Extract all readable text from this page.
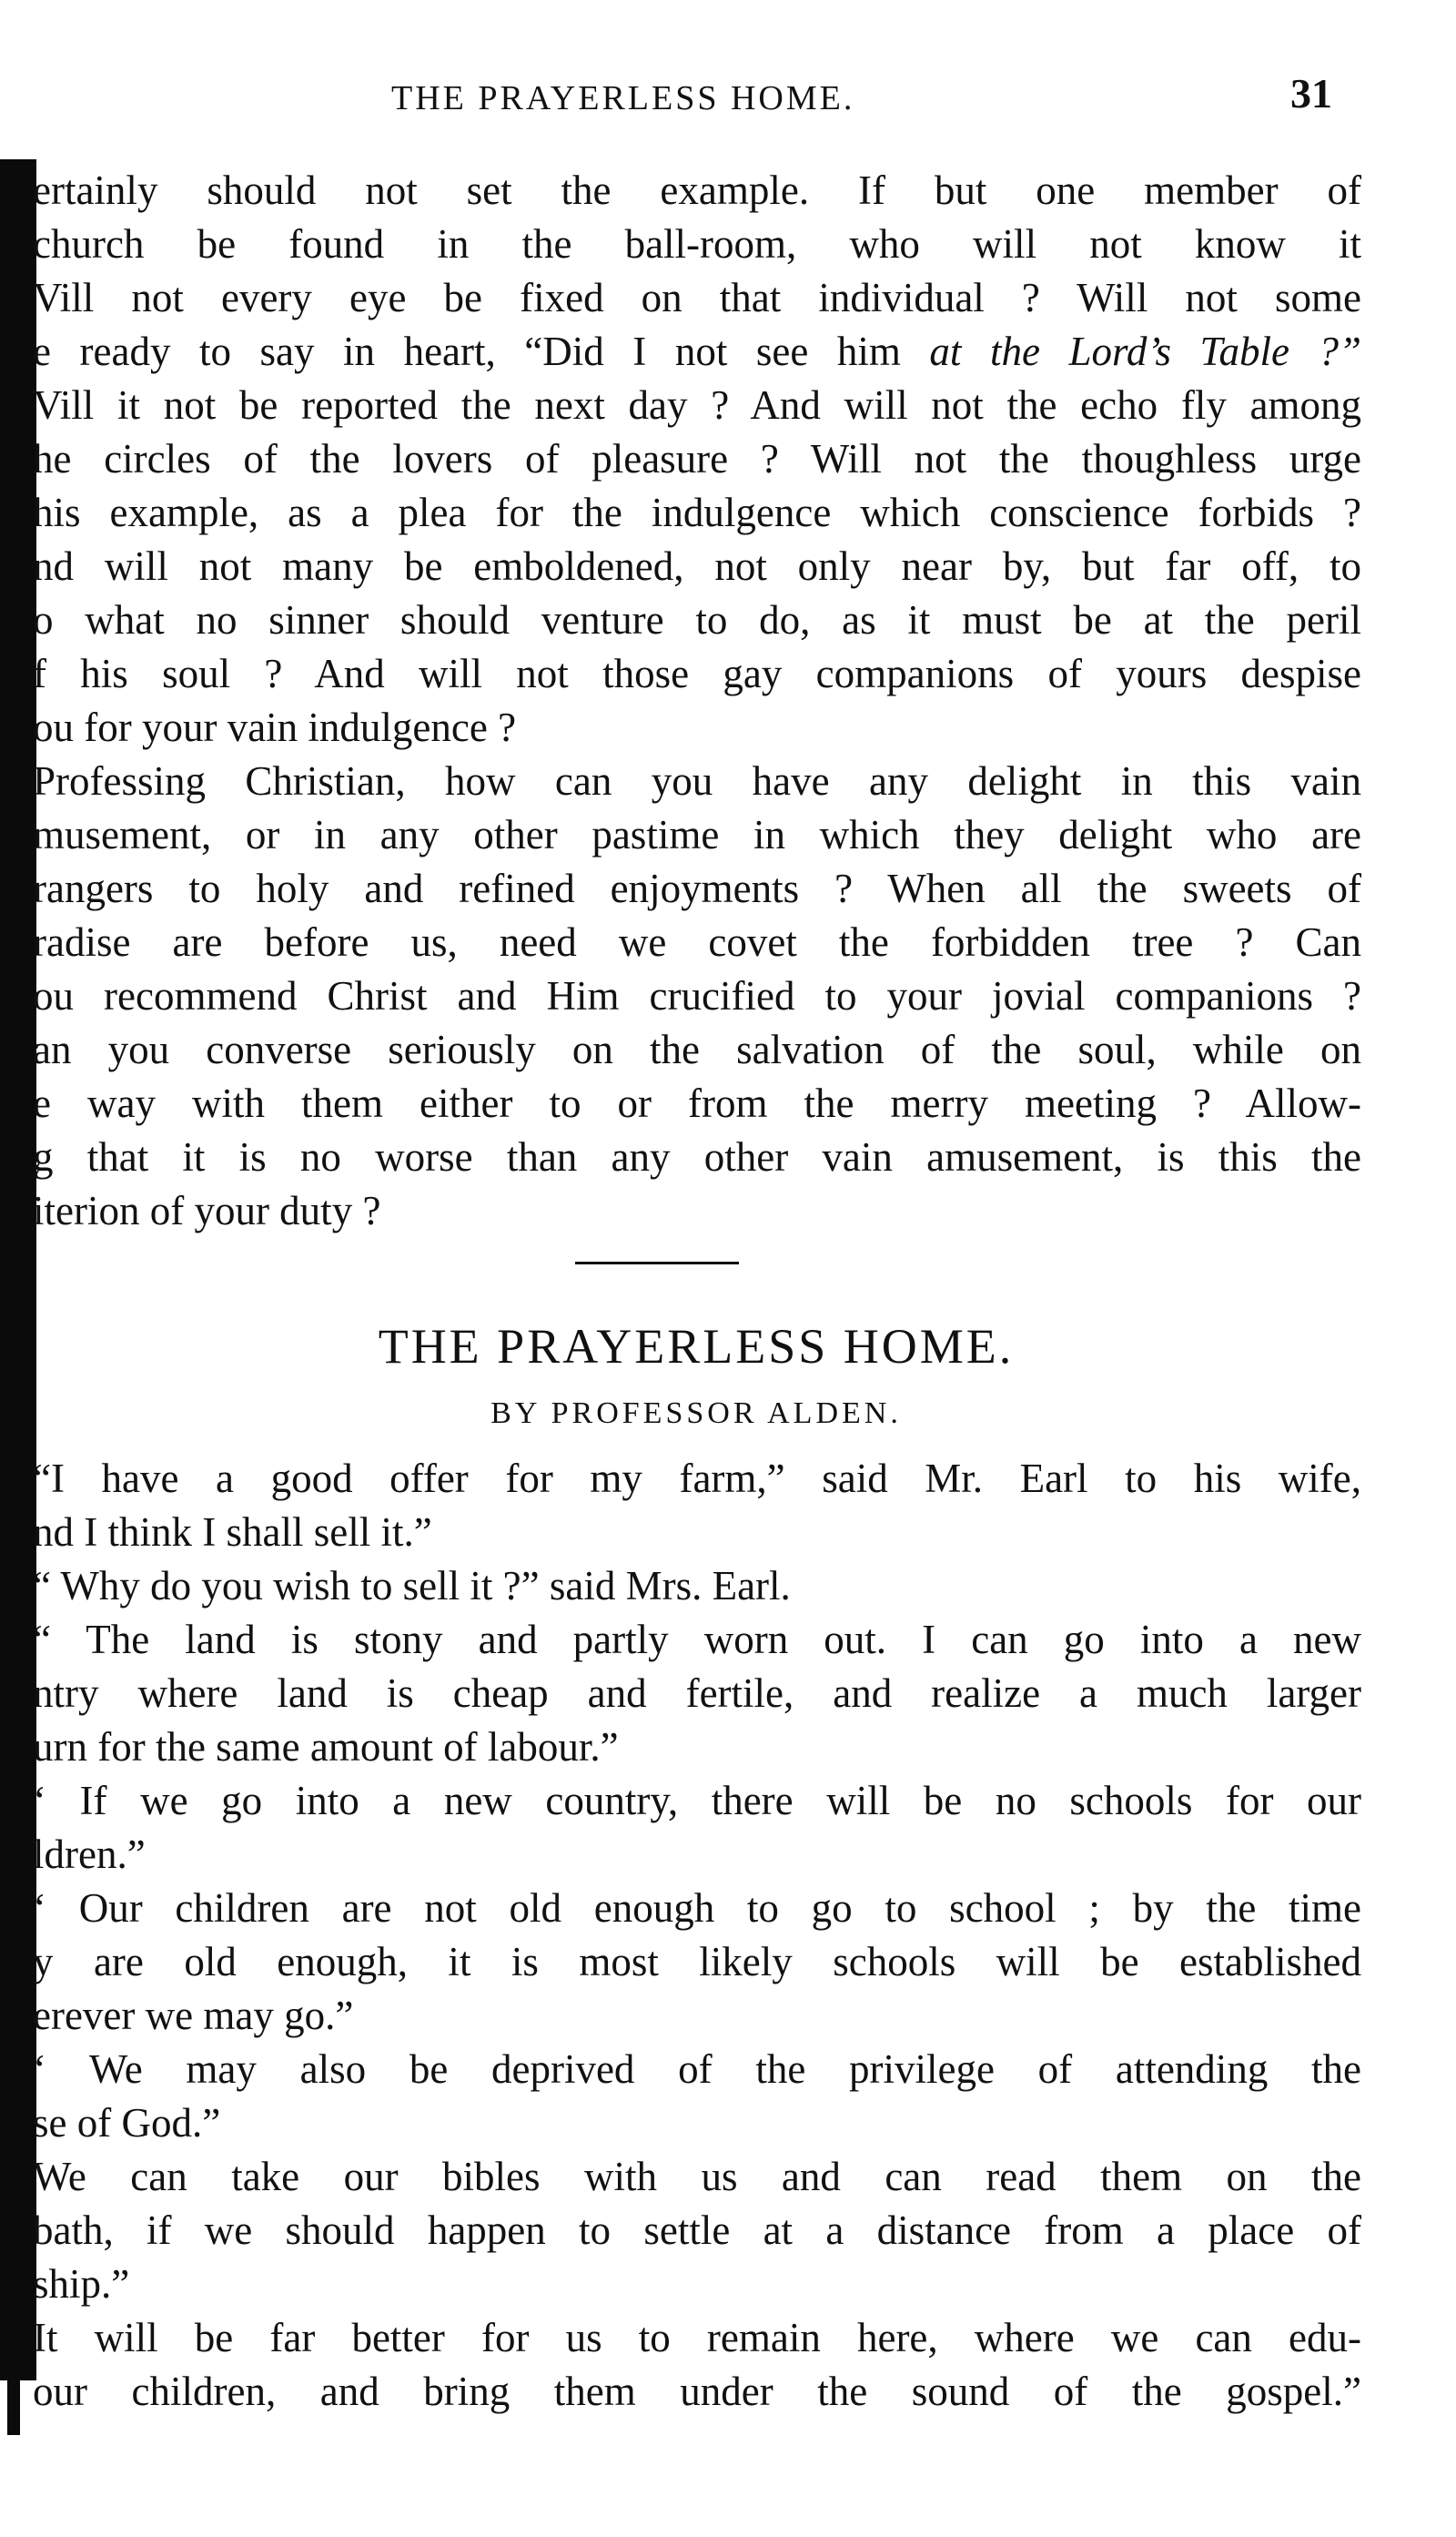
THE PRAYERLESS HOME.	31
ertainly should not set the example. If but one member of
church be found in the ball-room, who will not know it
Vill not every eye be fixed on that individual ? Will not some
e ready to say in heart, “Did I not see him at the Lord’s Table ?”
Vill it not be reported the next day ? And will not the echo fly among
he circles of the lovers of pleasure ? Will not the thoughless urge
his example, as a plea for the indulgence which conscience forbids ?
nd will not many be emboldened, not only near by, but far off, to
o what no sinner should venture to do, as it must be at the peril
f his soul ? And will not those gay companions of yours despise
ou for your vain indulgence ?
Professing Christian, how can you have any delight in this vain
musement, or in any other pastime in which they delight who are
rangers to holy and refined enjoyments ? When all the sweets of
radise are before us, need we covet the forbidden tree ? Can
ou recommend Christ and Him crucified to your jovial companions ?
an you converse seriously on the salvation of the soul, while on
e way with them either to or from the merry meeting ? Allow-
g that it is no worse than any other vain amusement, is this the
iterion of your duty ?
THE PRAYERLESS HOME.
BY PROFESSOR ALDEN.
“I have a good offer for my farm,” said Mr. Earl to his wife,
nd I think I shall sell it.”
“ Why do you wish to sell it ?” said Mrs. Earl.
“ The land is stony and partly worn out. I can go into a new
ntry where land is cheap and fertile, and realize a much larger
urn for the same amount of labour.”
‘ If we go into a new country, there will be no schools for our
ldren.”
‘ Our children are not old enough to go to school ; by the time
y are old enough, it is most likely schools will be established
erever we may go.”
‘ We may also be deprived of the privilege of attending the
se of God.”
We can take our bibles with us and can read them on the
bath, if we should happen to settle at a distance from a place of
ship.”
It will be far better for us to remain here, where we can edu-
our children, and bring them under the sound of the gospel.”
